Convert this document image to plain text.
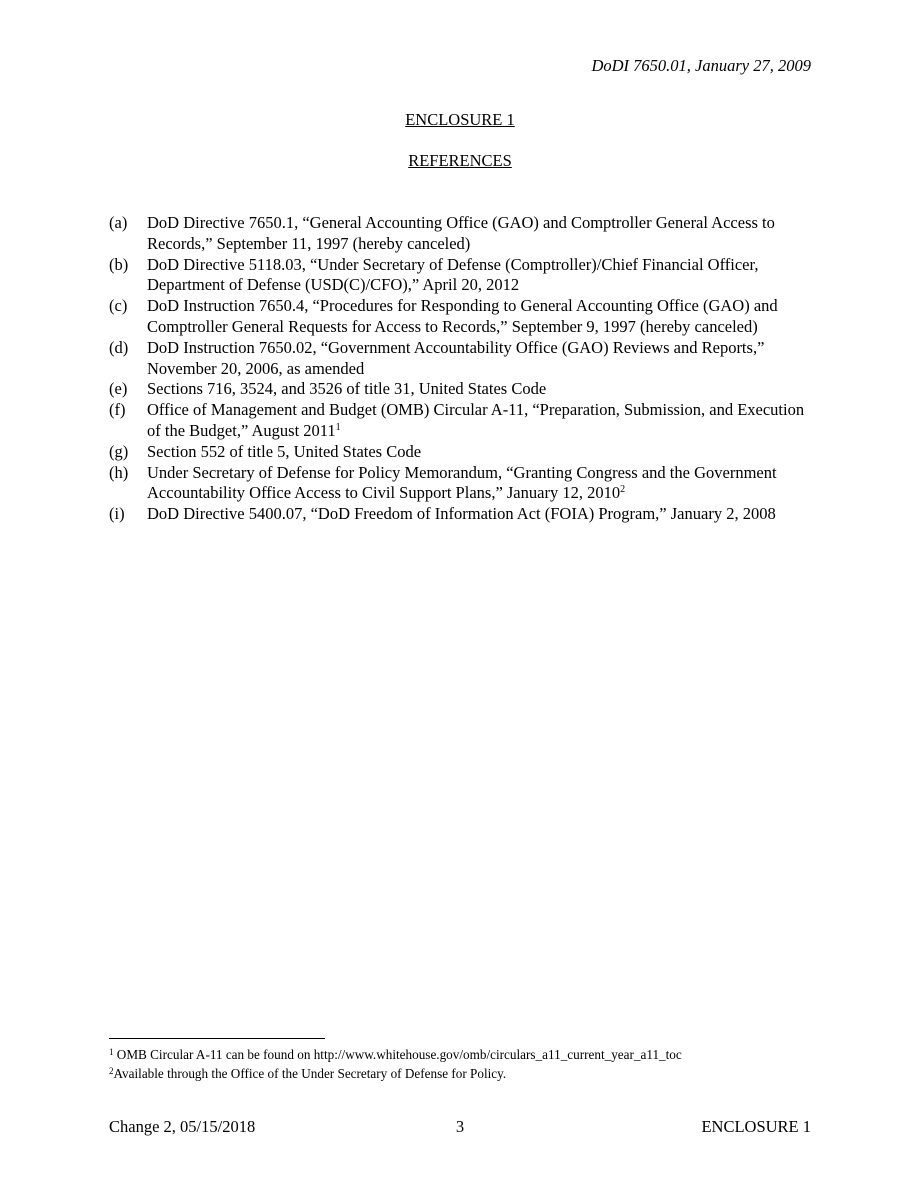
DoDI 7650.01, January 27, 2009
ENCLOSURE 1
REFERENCES
(a)	DoD Directive 7650.1, “General Accounting Office (GAO) and Comptroller General Access to Records,” September 11, 1997 (hereby canceled)
(b)	DoD Directive 5118.03, “Under Secretary of Defense (Comptroller)/Chief Financial Officer, Department of Defense (USD(C)/CFO),” April 20, 2012
(c)	DoD Instruction 7650.4, “Procedures for Responding to General Accounting Office (GAO) and Comptroller General Requests for Access to Records,” September 9, 1997 (hereby canceled)
(d)	DoD Instruction 7650.02, “Government Accountability Office (GAO) Reviews and Reports,” November 20, 2006, as amended
(e)	Sections 716, 3524, and 3526 of title 31, United States Code
(f)	Office of Management and Budget (OMB) Circular A-11, “Preparation, Submission, and Execution of the Budget,” August 2011$^1$
(g)	Section 552 of title 5, United States Code
(h)	Under Secretary of Defense for Policy Memorandum, “Granting Congress and the Government Accountability Office Access to Civil Support Plans,” January 12, 2010$^2$
(i)	DoD Directive 5400.07, “DoD Freedom of Information Act (FOIA) Program,” January 2, 2008
$^1$ OMB Circular A-11 can be found on http://www.whitehouse.gov/omb/circulars_a11_current_year_a11_toc
$^2$Available through the Office of the Under Secretary of Defense for Policy.
Change 2, 05/15/2018	3	ENCLOSURE 1
